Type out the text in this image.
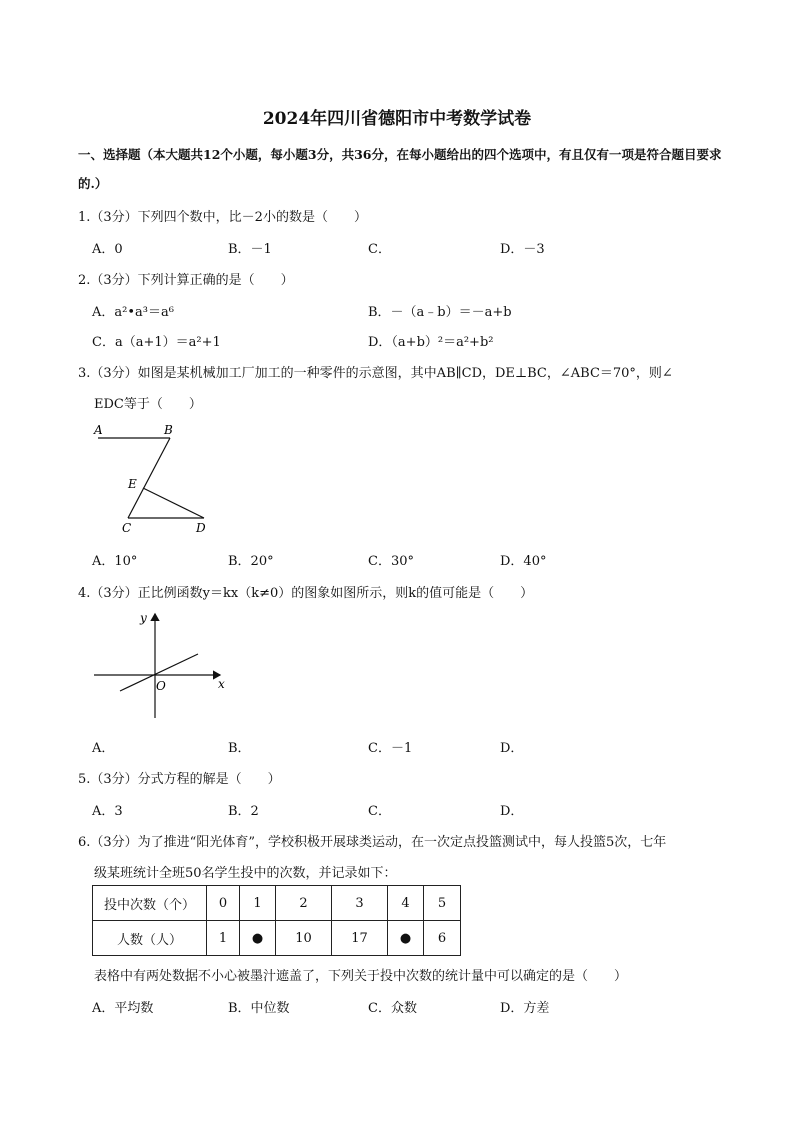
2024年四川省德阳市中考数学试卷
一、选择题（本大题共12个小题，每小题3分，共36分，在每小题给出的四个选项中，有且仅有一项是符合题目要求的.）
1.（3分）下列四个数中，比－2小的数是（　　）
A．0	B．－1	C．	D．－3
2.（3分）下列计算正确的是（　　）
A．a²•a³＝a⁶	B．－（a﹣b）＝－a+b
C．a（a+1）＝a²+1	D．（a+b）²＝a²+b²
3.（3分）如图是某机械加工厂加工的一种零件的示意图，其中AB∥CD，DE⊥BC，∠ABC＝70°，则∠
EDC等于（　　）
A	B
E
C	D
A．10°	B．20°	C．30°	D．40°
4.（3分）正比例函数y＝kx（k≠0）的图象如图所示，则k的值可能是（　　）
y
x
O
A．	B．	C．－1	D．
5.（3分）分式方程的解是（　　）
A．3	B．2	C．	D．
6.（3分）为了推进“阳光体育”，学校积极开展球类运动，在一次定点投篮测试中，每人投篮5次，七年
级某班统计全班50名学生投中的次数，并记录如下：
投中次数（个）	0	1	2	3	4	5
人数（人）	1	●	10	17	●	6
表格中有两处数据不小心被墨汁遮盖了，下列关于投中次数的统计量中可以确定的是（　　）
A．平均数	B．中位数	C．众数	D．方差
